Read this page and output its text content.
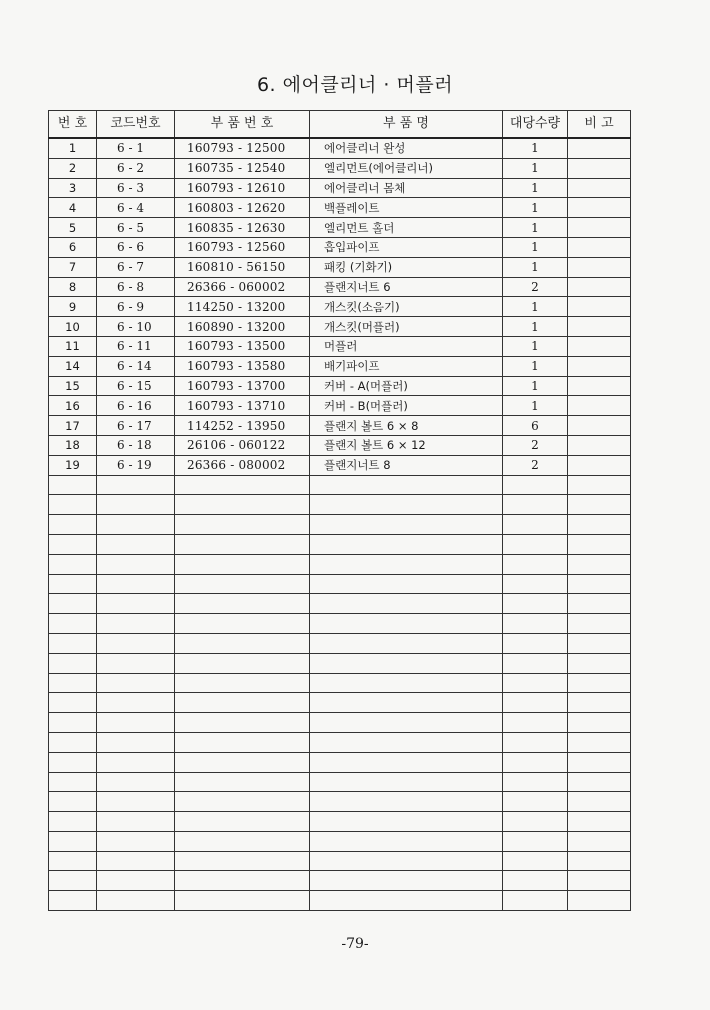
6. 에어클리너 · 머플러
번 호	코드번호	부 품 번 호	부 품 명	대당수량	비 고
1	6 - 1	160793 - 12500	에어클리너 완성	1	
2	6 - 2	160735 - 12540	엘리먼트(에어클리너)	1	
3	6 - 3	160793 - 12610	에어클리너 몸체	1	
4	6 - 4	160803 - 12620	백플레이트	1	
5	6 - 5	160835 - 12630	엘리먼트 홀더	1	
6	6 - 6	160793 - 12560	흡입파이프	1	
7	6 - 7	160810 - 56150	패킹 (기화기)	1	
8	6 - 8	26366 - 060002	플랜지너트 6	2	
9	6 - 9	114250 - 13200	개스킷(소음기)	1	
10	6 - 10	160890 - 13200	개스킷(머플러)	1	
11	6 - 11	160793 - 13500	머플러	1	
14	6 - 14	160793 - 13580	배기파이프	1	
15	6 - 15	160793 - 13700	커버 - A(머플러)	1	
16	6 - 16	160793 - 13710	커버 - B(머플러)	1	
17	6 - 17	114252 - 13950	플랜지 볼트 6 × 8	6	
18	6 - 18	26106 - 060122	플랜지 볼트 6 × 12	2	
19	6 - 19	26366 - 080002	플랜지너트 8	2	

-79-
